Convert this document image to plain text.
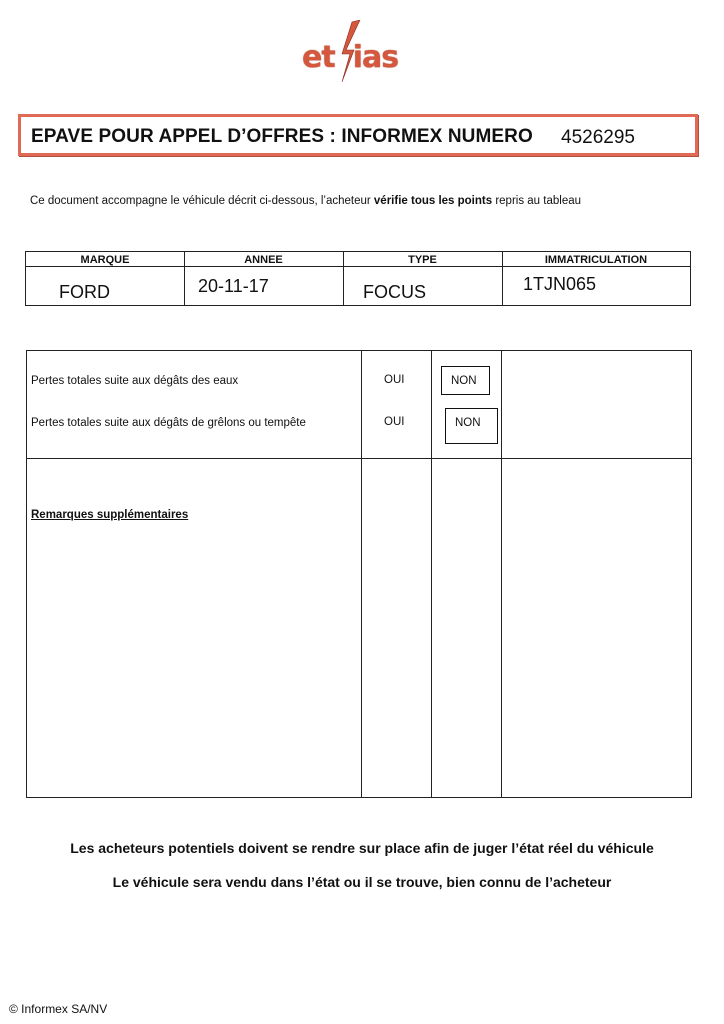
et ias
EPAVE POUR APPEL D’OFFRES : INFORMEX NUMERO 4526295
Ce document accompagne le véhicule décrit ci-dessous, l’acheteur vérifie tous les points repris au tableau
MARQUE	ANNEE	TYPE	IMMATRICULATION
FORD	20-11-17	FOCUS	1TJN065
Pertes totales suite aux dégâts des eaux	OUI	NON
Pertes totales suite aux dégâts de grêlons ou tempête	OUI	NON
Remarques supplémentaires
Les acheteurs potentiels doivent se rendre sur place afin de juger l’état réel du véhicule
Le véhicule sera vendu dans l’état ou il se trouve, bien connu de l’acheteur
© Informex SA/NV
